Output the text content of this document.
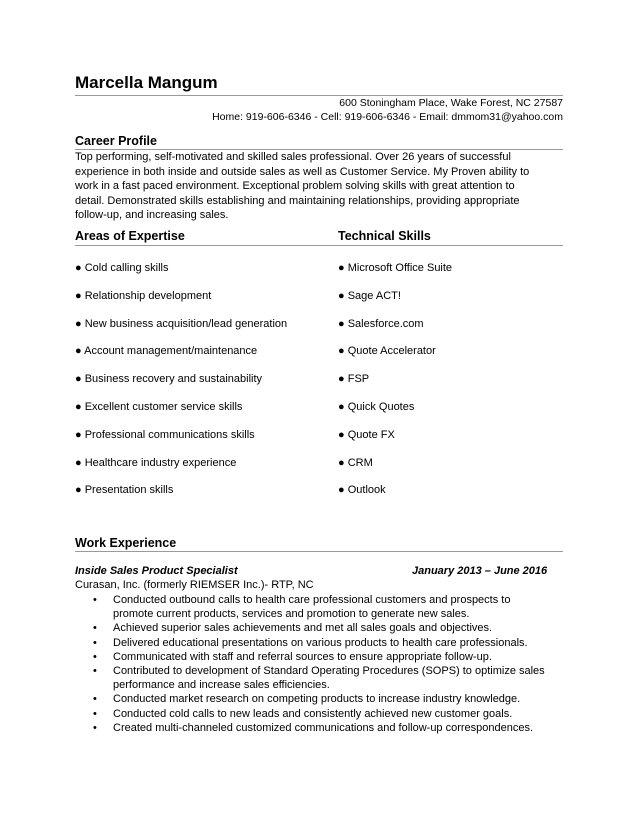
Marcella Mangum
600 Stoningham Place, Wake Forest, NC 27587
Home: 919-606-6346 - Cell: 919-606-6346 - Email: dmmom31@yahoo.com
Career Profile
Top performing, self-motivated and skilled sales professional. Over 26 years of successful
experience in both inside and outside sales as well as Customer Service. My Proven ability to
work in a fast paced environment. Exceptional problem solving skills with great attention to
detail. Demonstrated skills establishing and maintaining relationships, providing appropriate
follow-up, and increasing sales.
Areas of Expertise	Technical Skills
● Cold calling skills
● Relationship development
● New business acquisition/lead generation
● Account management/maintenance
● Business recovery and sustainability
● Excellent customer service skills
● Professional communications skills
● Healthcare industry experience
● Presentation skills
● Microsoft Office Suite
● Sage ACT!
● Salesforce.com
● Quote Accelerator
● FSP
● Quick Quotes
● Quote FX
● CRM
● Outlook
Work Experience
Inside Sales Product Specialist	January 2013 – June 2016
Curasan, Inc. (formerly RIEMSER Inc.)- RTP, NC
• Conducted outbound calls to health care professional customers and prospects to
promote current products, services and promotion to generate new sales.
• Achieved superior sales achievements and met all sales goals and objectives.
• Delivered educational presentations on various products to health care professionals.
• Communicated with staff and referral sources to ensure appropriate follow-up.
• Contributed to development of Standard Operating Procedures (SOPS) to optimize sales
performance and increase sales efficiencies.
• Conducted market research on competing products to increase industry knowledge.
• Conducted cold calls to new leads and consistently achieved new customer goals.
• Created multi-channeled customized communications and follow-up correspondences.
